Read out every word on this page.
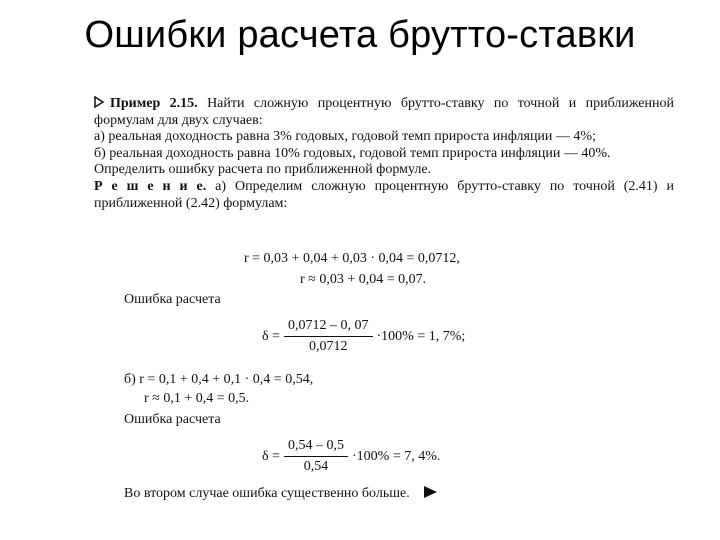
Ошибки расчета брутто-ставки

Пример 2.15. Найти сложную процентную брутто-ставку по точной и приближенной формулам для двух случаев:

а) реальная доходность равна 3% годовых, годовой темп прироста инфляции — 4%;

б) реальная доходность равна 10% годовых, годовой темп прироста инфляции — 40%.

Определить ошибку расчета по приближенной формуле.

Р е ш е н и е. а) Определим сложную процентную брутто-ставку по точной (2.41) и приближенной (2.42) формулам:

r = 0,03 + 0,04 + 0,03 · 0,04 = 0,0712,
r ≈ 0,03 + 0,04 = 0,07.
Ошибка расчета
$\delta = \frac{0,0712 - 0, 07}{0,0712} \cdot 100\% = 1$, 7%;
б) r = 0,1 + 0,4 + 0,1 · 0,4 = 0,54,
r ≈ 0,1 + 0,4 = 0,5.
Ошибка расчета
$\delta = \frac{0,54 - 0,5}{0,54} \cdot 100\% = 7$, 4%.
Во втором случае ошибка существенно больше.
